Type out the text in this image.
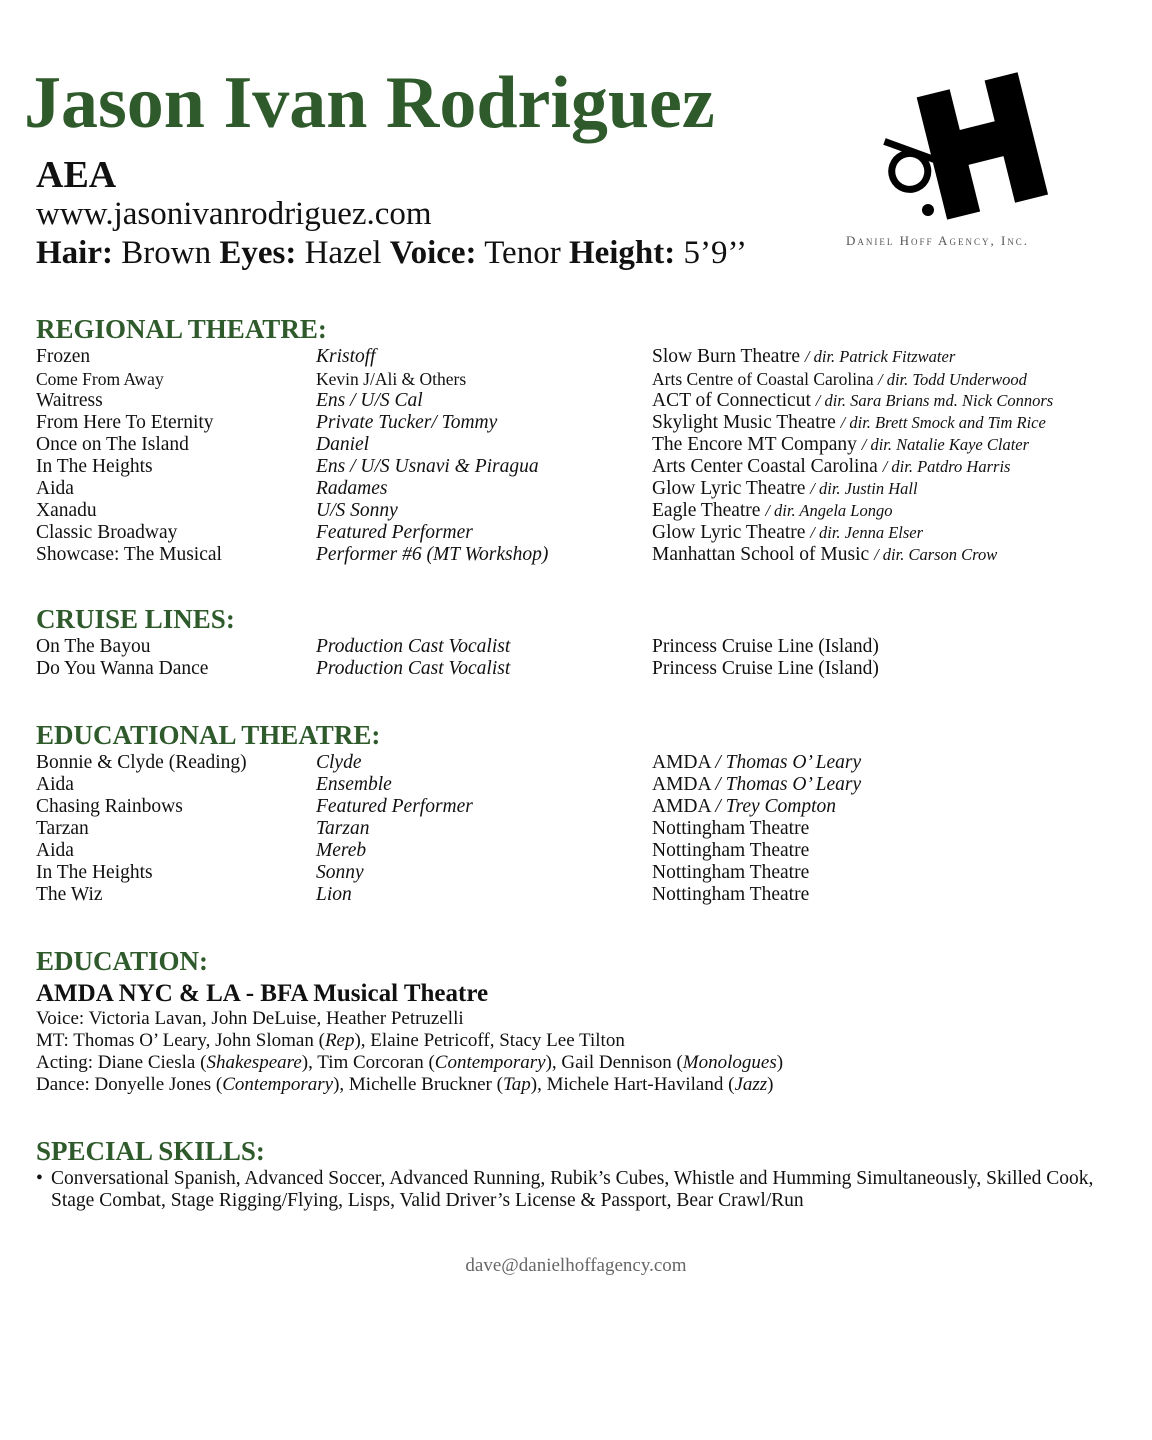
Jason Ivan Rodriguez
AEA
www.jasonivanrodriguez.com
Hair: Brown Eyes: Hazel Voice: Tenor Height: 5’9’’	Daniel Hoff Agency, Inc.
REGIONAL THEATRE:
Frozen	Kristoff	Slow Burn Theatre / dir. Patrick Fitzwater
Come From Away	Kevin J/Ali & Others	Arts Centre of Coastal Carolina / dir. Todd Underwood
Waitress	Ens / U/S Cal	ACT of Connecticut / dir. Sara Brians md. Nick Connors
From Here To Eternity	Private Tucker/ Tommy	Skylight Music Theatre / dir. Brett Smock and Tim Rice
Once on The Island	Daniel	The Encore MT Company / dir. Natalie Kaye Clater
In The Heights	Ens / U/S Usnavi & Piragua	Arts Center Coastal Carolina / dir. Patdro Harris
Aida	Radames	Glow Lyric Theatre / dir. Justin Hall
Xanadu	U/S Sonny	Eagle Theatre / dir. Angela Longo
Classic Broadway	Featured Performer	Glow Lyric Theatre / dir. Jenna Elser
Showcase: The Musical	Performer #6 (MT Workshop)	Manhattan School of Music / dir. Carson Crow
CRUISE LINES:
On The Bayou	Production Cast Vocalist	Princess Cruise Line (Island)
Do You Wanna Dance	Production Cast Vocalist	Princess Cruise Line (Island)
EDUCATIONAL THEATRE:
Bonnie & Clyde (Reading)	Clyde	AMDA / Thomas O’ Leary
Aida	Ensemble	AMDA / Thomas O’ Leary
Chasing Rainbows	Featured Performer	AMDA / Trey Compton
Tarzan	Tarzan	Nottingham Theatre
Aida	Mereb	Nottingham Theatre
In The Heights	Sonny	Nottingham Theatre
The Wiz	Lion	Nottingham Theatre
EDUCATION:
AMDA NYC & LA - BFA Musical Theatre
Voice: Victoria Lavan, John DeLuise, Heather Petruzelli
MT: Thomas O’ Leary, John Sloman (Rep), Elaine Petricoff, Stacy Lee Tilton
Acting: Diane Ciesla (Shakespeare), Tim Corcoran (Contemporary), Gail Dennison (Monologues)
Dance: Donyelle Jones (Contemporary), Michelle Bruckner (Tap), Michele Hart-Haviland (Jazz)
SPECIAL SKILLS:
• Conversational Spanish, Advanced Soccer, Advanced Running, Rubik’s Cubes, Whistle and Humming Simultaneously, Skilled Cook, Stage Combat, Stage Rigging/Flying, Lisps, Valid Driver’s License & Passport, Bear Crawl/Run
dave@danielhoffagency.com
